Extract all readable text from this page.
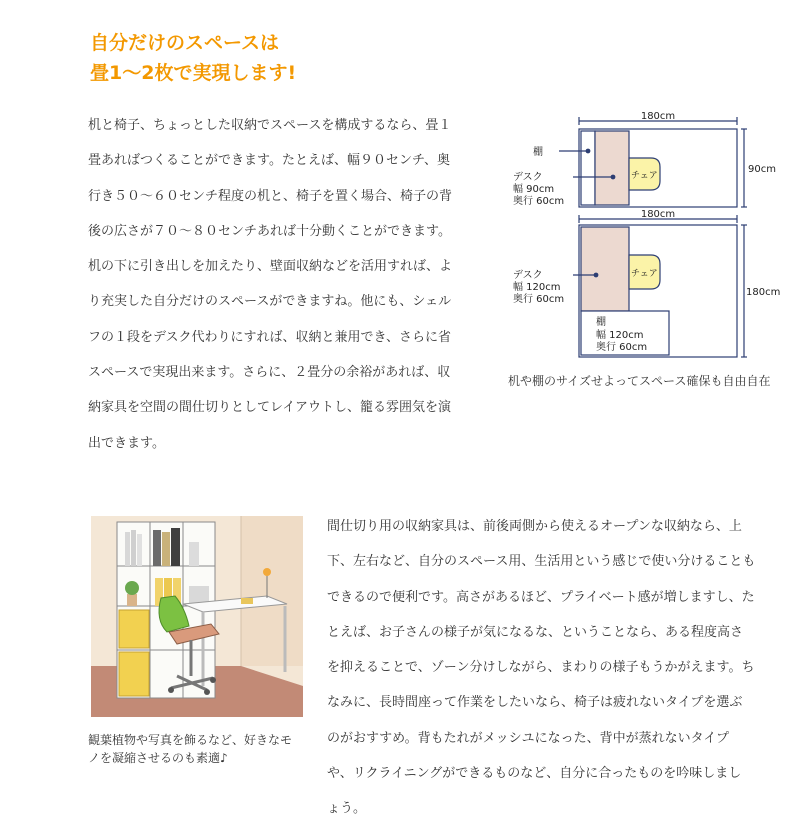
自分だけのスペースは
畳1～2枚で実現します!
机と椅子、ちょっとした収納でスペースを構成するなら、畳１
畳あればつくることができます。たとえば、幅９０センチ、奥
行き５０～６０センチ程度の机と、椅子を置く場合、椅子の背
後の広さが７０～８０センチあれば十分動くことができます。
机の下に引き出しを加えたり、壁面収納などを活用すれば、よ
り充実した自分だけのスペースができますね。他にも、シェル
フの１段をデスク代わりにすれば、収納と兼用でき、さらに省
スペースで実現出来ます。さらに、２畳分の余裕があれば、収
納家具を空間の間仕切りとしてレイアウトし、籠る雰囲気を演
出できます。
180cm
90cm
棚
デスク
幅 90cm
奥行 60cm
チェア
180cm
180cm
デスク
幅 120cm
奥行 60cm
チェア
棚
幅 120cm
奥行 60cm

机や棚のサイズせよってスペース確保も自由自在

観葉植物や写真を飾るなど、好きなモ
ノを凝縮させるのも素適♪
間仕切り用の収納家具は、前後両側から使えるオープンな収納なら、上
下、左右など、自分のスペース用、生活用という感じで使い分けることも
できるので便利です。高さがあるほど、プライベート感が増しますし、た
とえば、お子さんの様子が気になるな、ということなら、ある程度高さ
を抑えることで、ゾーン分けしながら、まわりの様子もうかがえます。ち
なみに、長時間座って作業をしたいなら、椅子は疲れないタイプを選ぶ
のがおすすめ。背もたれがメッシユになった、背中が蒸れないタイプ
や、リクライニングができるものなど、自分に合ったものを吟味しまし
ょう。
